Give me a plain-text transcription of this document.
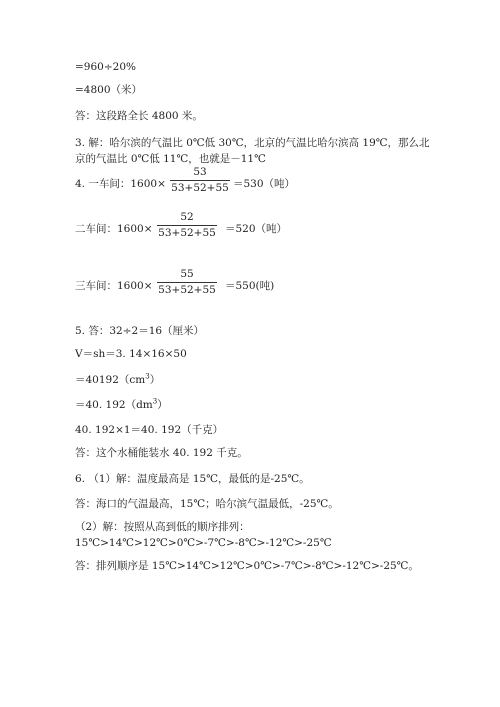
=960÷20%
=4800（米）
答：这段路全长 4800 米。
3. 解：哈尔滨的气温比 0℃低 30℃，北京的气温比哈尔滨高 19℃，那么北京的气温比 0℃低 11℃，也就是－11℃
4. 一车间：1600×
53
53+52+55 ＝530（吨）
二车间：1600×
52
53+52+55 ＝520（吨）
三车间：1600×
55
53+52+55 ＝550(吨)
5. 答：32÷2＝16（厘米）
V＝sh＝3. 14×16×50
$=40192(cm^3)$
＝40. $192(dm^3)$
40. 192×1＝40. 192（千克）
答：这个水桶能装水 40. 192 千克。
6. （1）解：温度最高是 15℃，最低的是-25℃。
答：海口的气温最高，15℃；哈尔滨气温最低，-25℃。
（2）解：按照从高到低的顺序排列：15℃>14℃>12℃>0℃>-7℃>-8℃>-12℃>-25℃
答：排列顺序是 15℃>14℃>12℃>0℃>-7℃>-8℃>-12℃>-25℃。
